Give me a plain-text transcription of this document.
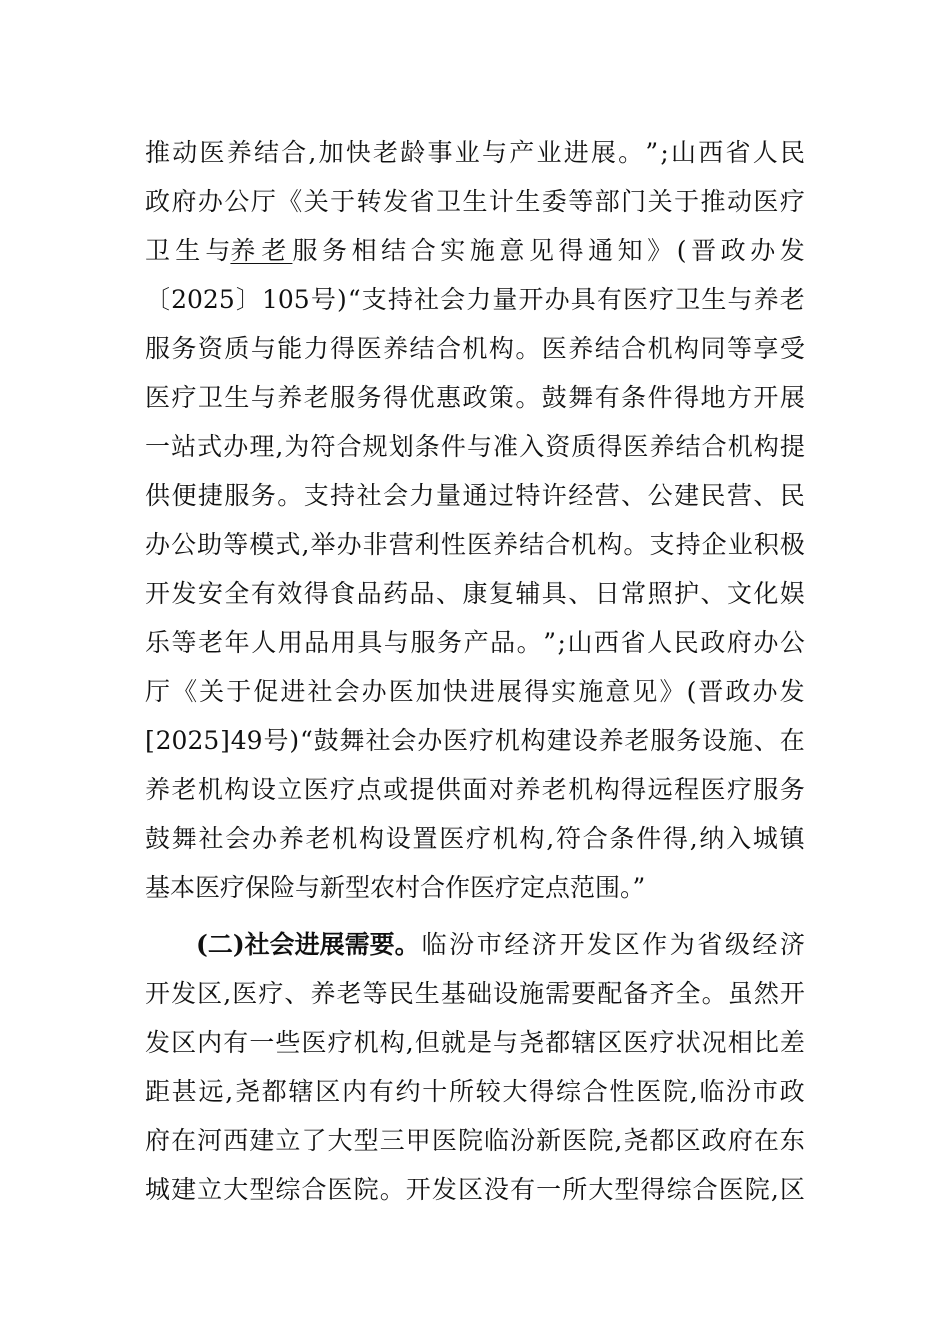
推 动 医 养 结 合 , 加 快 老 龄 事 业 与 产 业 进 展 。 ” ; 山 西 省 人 民
政 府 办 公 厅 《 关 于 转 发 省 卫 生 计 生 委 等 部 门 关 于 推 动 医 疗
卫 生 与 养老 服 务 相 结 合 实 施 意 见 得 通 知 》 ( 晋 政 办 发
〔 2025 〕 105 号 ) “ 支 持 社 会 力 量 开 办 具 有 医 疗 卫 生 与 养 老
服 务 资 质 与 能 力 得 医 养 结 合 机 构 。 医 养 结 合 机 构 同 等 享 受
医 疗 卫 生 与 养 老 服 务 得 优 惠 政 策 。 鼓 舞 有 条 件 得 地 方 开 展
一 站 式 办 理 , 为 符 合 规 划 条 件 与 准 入 资 质 得 医 养 结 合 机 构 提
供 便 捷 服 务 。 支 持 社 会 力 量 通 过 特 许 经 营 、 公 建 民 营 、 民
办 公 助 等 模 式 , 举 办 非 营 利 性 医 养 结 合 机 构 。 支 持 企 业 积 极
开 发 安 全 有 效 得 食 品 药 品 、 康 复 辅 具 、 日 常 照 护 、 文 化 娱
乐 等 老 年 人 用 品 用 具 与 服 务 产 品 。 ” ; 山 西 省 人 民 政 府 办 公
厅 《 关 于 促 进 社 会 办 医 加 快 进 展 得 实 施 意 见 》 ( 晋 政 办 发
[ 2025 ] 49 号 ) “ 鼓 舞 社 会 办 医 疗 机 构 建 设 养 老 服 务 设 施 、 在
养 老 机 构 设 立 医 疗 点 或 提 供 面 对 养 老 机 构 得 远 程 医 疗 服 务
鼓 舞 社 会 办 养 老 机 构 设 置 医 疗 机 构 , 符 合 条 件 得 , 纳 入 城 镇
基本医疗保险与新型农村合作医疗定点范围。”
(二)社会进展需要。 临 汾 市 经 济 开 发 区 作 为 省 级 经 济
开 发 区 , 医 疗 、 养 老 等 民 生 基 础 设 施 需 要 配 备 齐 全 。 虽 然 开
发 区 内 有 一 些 医 疗 机 构 , 但 就 是 与 尧 都 辖 区 医 疗 状 况 相 比 差
距 甚 远 , 尧 都 辖 区 内 有 约 十 所 较 大 得 综 合 性 医 院 , 临 汾 市 政
府 在 河 西 建 立 了 大 型 三 甲 医 院 临 汾 新 医 院 , 尧 都 区 政 府 在 东
城 建 立 大 型 综 合 医 院 。 开 发 区 没 有 一 所 大 型 得 综 合 医 院 , 区
